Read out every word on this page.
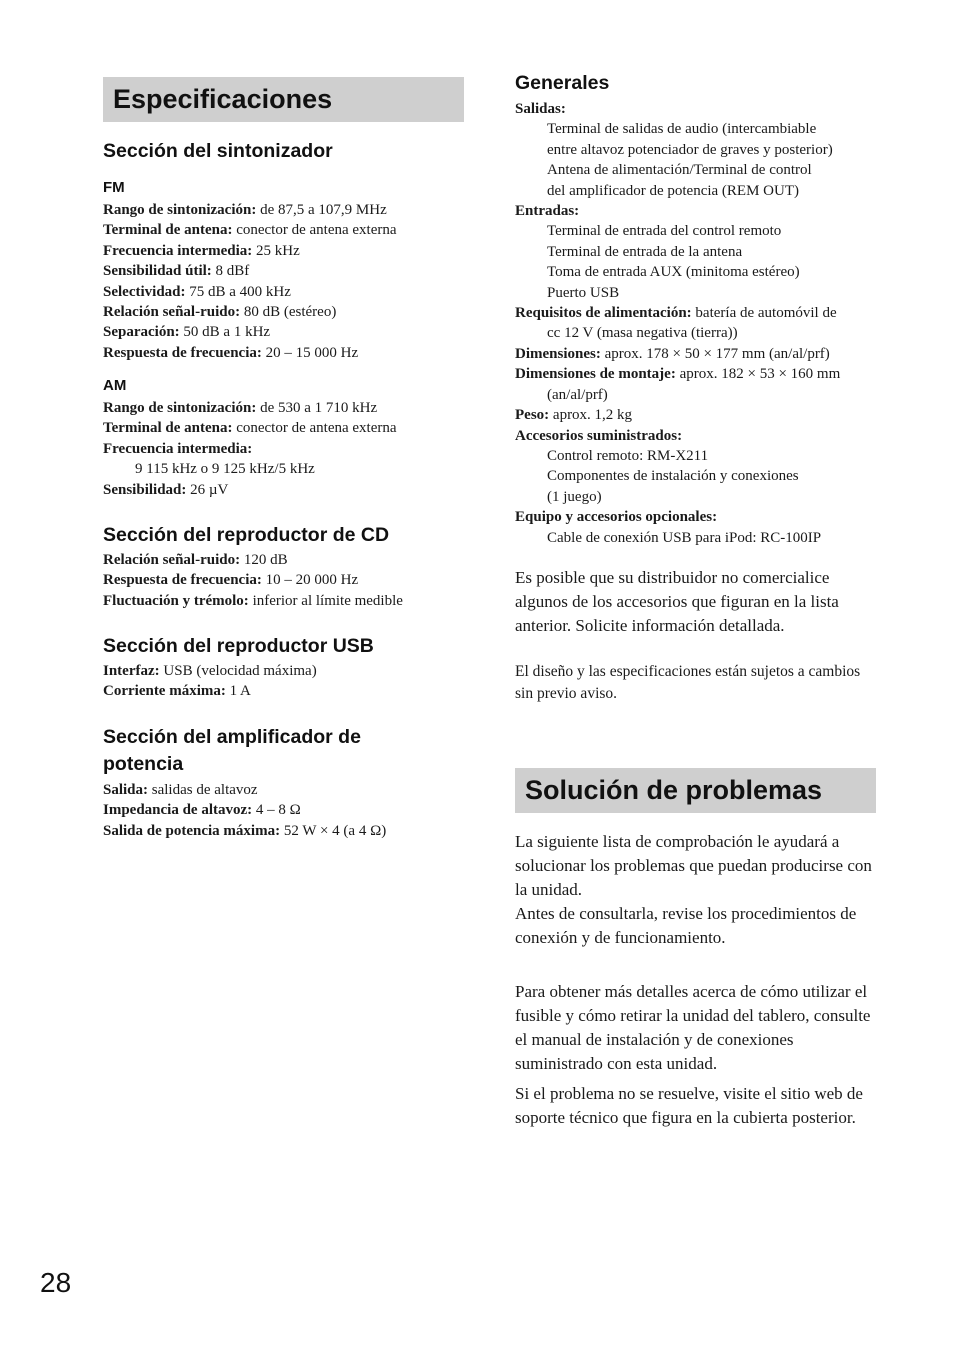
Especificaciones
Sección del sintonizador
FM
Rango de sintonización: de 87,5 a 107,9 MHz
Terminal de antena: conector de antena externa
Frecuencia intermedia: 25 kHz
Sensibilidad útil: 8 dBf
Selectividad: 75 dB a 400 kHz
Relación señal-ruido: 80 dB (estéreo)
Separación: 50 dB a 1 kHz
Respuesta de frecuencia: 20 – 15 000 Hz
AM
Rango de sintonización: de 530 a 1 710 kHz
Terminal de antena: conector de antena externa
Frecuencia intermedia:
9 115 kHz o 9 125 kHz/5 kHz
Sensibilidad: 26 µV
Sección del reproductor de CD
Relación señal-ruido: 120 dB
Respuesta de frecuencia: 10 – 20 000 Hz
Fluctuación y trémolo: inferior al límite medible
Sección del reproductor USB
Interfaz: USB (velocidad máxima)
Corriente máxima: 1 A
Sección del amplificador de
potencia
Salida: salidas de altavoz
Impedancia de altavoz: 4 – 8 Ω
Salida de potencia máxima: 52 W × 4 (a 4 Ω)
Generales
Salidas:
Terminal de salidas de audio (intercambiable
entre altavoz potenciador de graves y posterior)
Antena de alimentación/Terminal de control
del amplificador de potencia (REM OUT)
Entradas:
Terminal de entrada del control remoto
Terminal de entrada de la antena
Toma de entrada AUX (minitoma estéreo)
Puerto USB
Requisitos de alimentación: batería de automóvil de
cc 12 V (masa negativa (tierra))
Dimensiones: aprox. 178 × 50 × 177 mm (an/al/prf)
Dimensiones de montaje: aprox. 182 × 53 × 160 mm
(an/al/prf)
Peso: aprox. 1,2 kg
Accesorios suministrados:
Control remoto: RM-X211
Componentes de instalación y conexiones
(1 juego)
Equipo y accesorios opcionales:
Cable de conexión USB para iPod: RC-100IP

Es posible que su distribuidor no comercialice algunos de los accesorios que figuran en la lista anterior. Solicite información detallada.

El diseño y las especificaciones están sujetos a cambios sin previo aviso.

Solución de problemas

La siguiente lista de comprobación le ayudará a solucionar los problemas que puedan producirse con la unidad.

Antes de consultarla, revise los procedimientos de conexión y de funcionamiento.

Para obtener más detalles acerca de cómo utilizar el fusible y cómo retirar la unidad del tablero, consulte el manual de instalación y de conexiones suministrado con esta unidad.

Si el problema no se resuelve, visite el sitio web de soporte técnico que figura en la cubierta posterior.

28
